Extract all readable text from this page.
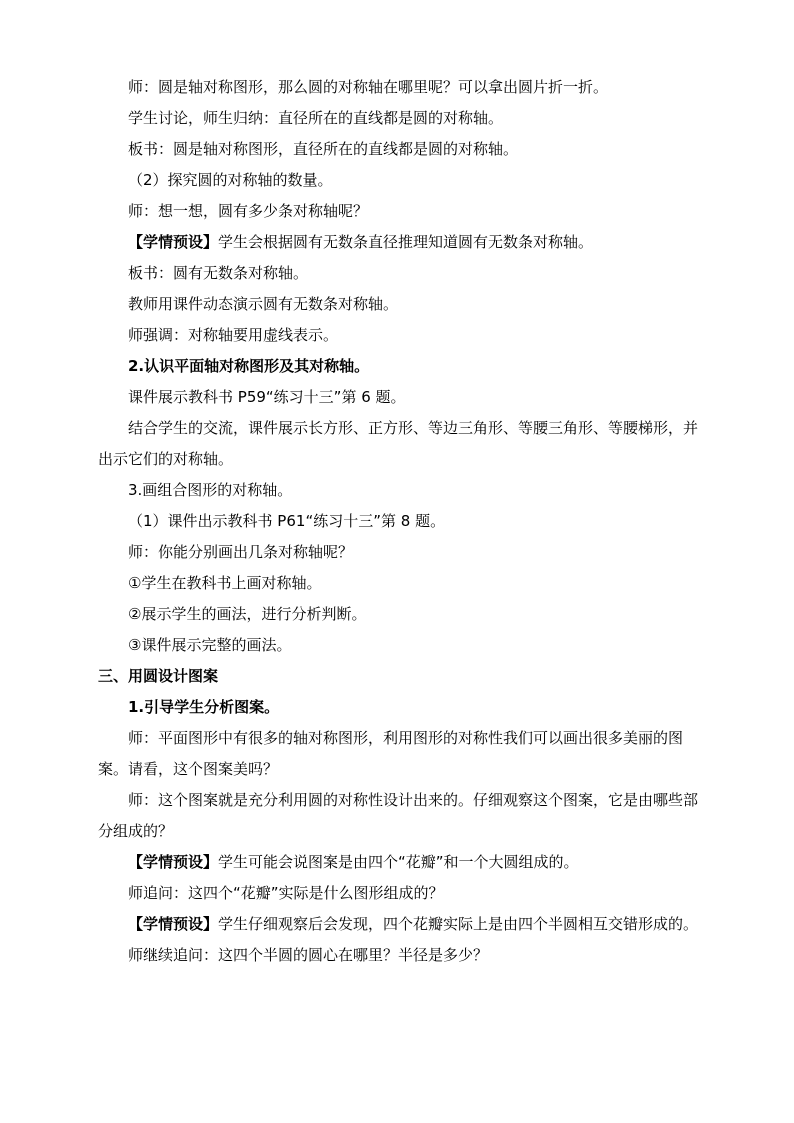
师：圆是轴对称图形，那么圆的对称轴在哪里呢？可以拿出圆片折一折。

学生讨论，师生归纳：直径所在的直线都是圆的对称轴。

板书：圆是轴对称图形，直径所在的直线都是圆的对称轴。

（2）探究圆的对称轴的数量。

师：想一想，圆有多少条对称轴呢？

【学情预设】学生会根据圆有无数条直径推理知道圆有无数条对称轴。

板书：圆有无数条对称轴。

教师用课件动态演示圆有无数条对称轴。

师强调：对称轴要用虚线表示。

2.认识平面轴对称图形及其对称轴。

课件展示教科书 P59“练习十三”第 6 题。

结合学生的交流，课件展示长方形、正方形、等边三角形、等腰三角形、等腰梯形，并出示它们的对称轴。

3.画组合图形的对称轴。

（1）课件出示教科书 P61“练习十三”第 8 题。

师：你能分别画出几条对称轴呢？

①学生在教科书上画对称轴。

②展示学生的画法，进行分析判断。

③课件展示完整的画法。

三、用圆设计图案

1.引导学生分析图案。

师：平面图形中有很多的轴对称图形，利用图形的对称性我们可以画出很多美丽的图案。请看，这个图案美吗？

师：这个图案就是充分利用圆的对称性设计出来的。仔细观察这个图案，它是由哪些部分组成的？

【学情预设】学生可能会说图案是由四个“花瓣”和一个大圆组成的。

师追问：这四个“花瓣”实际是什么图形组成的？

【学情预设】学生仔细观察后会发现，四个花瓣实际上是由四个半圆相互交错形成的。

师继续追问：这四个半圆的圆心在哪里？半径是多少？
